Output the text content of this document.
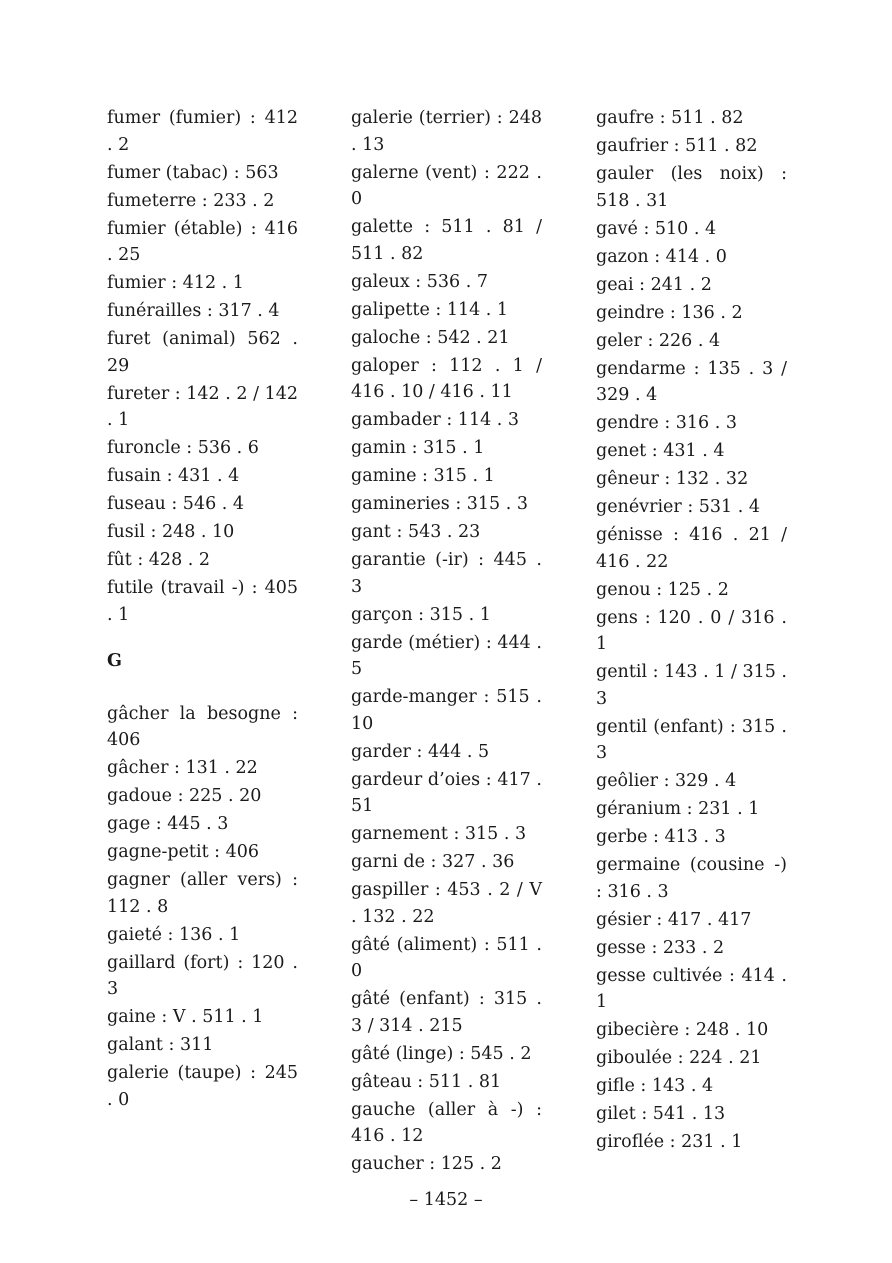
fumer (fumier) : 412 . 2
fumer (tabac) : 563
fumeterre : 233 . 2
fumier (étable) : 416 . 25
fumier : 412 . 1
funérailles : 317 . 4
furet (animal) 562 . 29
fureter : 142 . 2 / 142 . 1
furoncle : 536 . 6
fusain : 431 . 4
fuseau : 546 . 4
fusil : 248 . 10
fût : 428 . 2
futile (travail -) : 405 . 1
G
gâcher la besogne : 406
gâcher : 131 . 22
gadoue : 225 . 20
gage : 445 . 3
gagne-petit : 406
gagner (aller vers) : 112 . 8
gaieté : 136 . 1
gaillard (fort) : 120 . 3
gaine : V . 511 . 1
galant : 311
galerie (taupe) : 245 . 0
galerie (terrier) : 248 . 13
galerne (vent) : 222 . 0
galette : 511 . 81 / 511 . 82
galeux : 536 . 7
galipette : 114 . 1
galoche : 542 . 21
galoper : 112 . 1 / 416 . 10 / 416 . 11
gambader : 114 . 3
gamin : 315 . 1
gamine : 315 . 1
gamineries : 315 . 3
gant : 543 . 23
garantie (-ir) : 445 . 3
garçon : 315 . 1
garde (métier) : 444 . 5
garde-manger : 515 . 10
garder : 444 . 5
gardeur d’oies : 417 . 51
garnement : 315 . 3
garni de : 327 . 36
gaspiller : 453 . 2 / V . 132 . 22
gâté (aliment) : 511 . 0
gâté (enfant) : 315 . 3 / 314 . 215
gâté (linge) : 545 . 2
gâteau : 511 . 81
gauche (aller à -) : 416 . 12
gaucher : 125 . 2
gaufre : 511 . 82
gaufrier : 511 . 82
gauler (les noix) : 518 . 31
gavé : 510 . 4
gazon : 414 . 0
geai : 241 . 2
geindre : 136 . 2
geler : 226 . 4
gendarme : 135 . 3 / 329 . 4
gendre : 316 . 3
genet : 431 . 4
gêneur : 132 . 32
genévrier : 531 . 4
génisse : 416 . 21 / 416 . 22
genou : 125 . 2
gens : 120 . 0 / 316 . 1
gentil : 143 . 1 / 315 . 3
gentil (enfant) : 315 . 3
geôlier : 329 . 4
géranium : 231 . 1
gerbe : 413 . 3
germaine (cousine -) : 316 . 3
gésier : 417 . 417
gesse : 233 . 2
gesse cultivée : 414 . 1
gibecière : 248 . 10
giboulée : 224 . 21
gifle : 143 . 4
gilet : 541 . 13
giroflée : 231 . 1
– 1452 –
